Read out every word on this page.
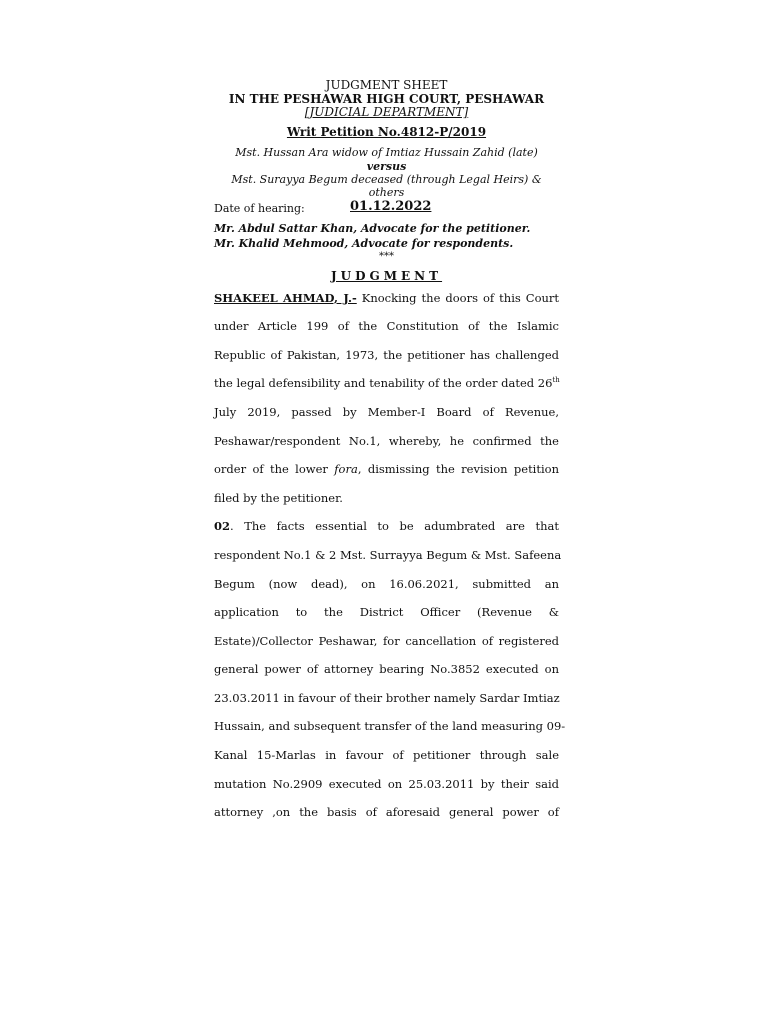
JUDGMENT SHEET
IN THE PESHAWAR HIGH COURT, PESHAWAR
[JUDICIAL DEPARTMENT]
Writ Petition No.4812-P/2019
Mst. Hussan Ara widow of Imtiaz Hussain Zahid (late)
versus
Mst. Surayya Begum deceased (through Legal Heirs) & others
Date of hearing:	01.12.2022
Mr. Abdul Sattar Khan, Advocate for the petitioner.
Mr. Khalid Mehmood, Advocate for respondents.
***
JUDGMENT
SHAKEEL AHMAD, J.- Knocking the doors of this Court
under Article 199 of the Constitution of the Islamic
Republic of Pakistan, 1973, the petitioner has challenged
the legal defensibility and tenability of the order dated 26th
July 2019, passed by Member-I Board of Revenue,
Peshawar/respondent No.1, whereby, he confirmed the
order of the lower fora, dismissing the revision petition
filed by the petitioner.
02. The facts essential to be adumbrated are that
respondent No.1 & 2 Mst. Surrayya Begum & Mst. Safeena
Begum (now dead), on 16.06.2021, submitted an
application to the District Officer (Revenue &
Estate)/Collector Peshawar, for cancellation of registered
general power of attorney bearing No.3852 executed on
23.03.2011 in favour of their brother namely Sardar Imtiaz
Hussain, and subsequent transfer of the land measuring 09-
Kanal 15-Marlas in favour of petitioner through sale
mutation No.2909 executed on 25.03.2011 by their said
attorney ,on the basis of aforesaid general power of
